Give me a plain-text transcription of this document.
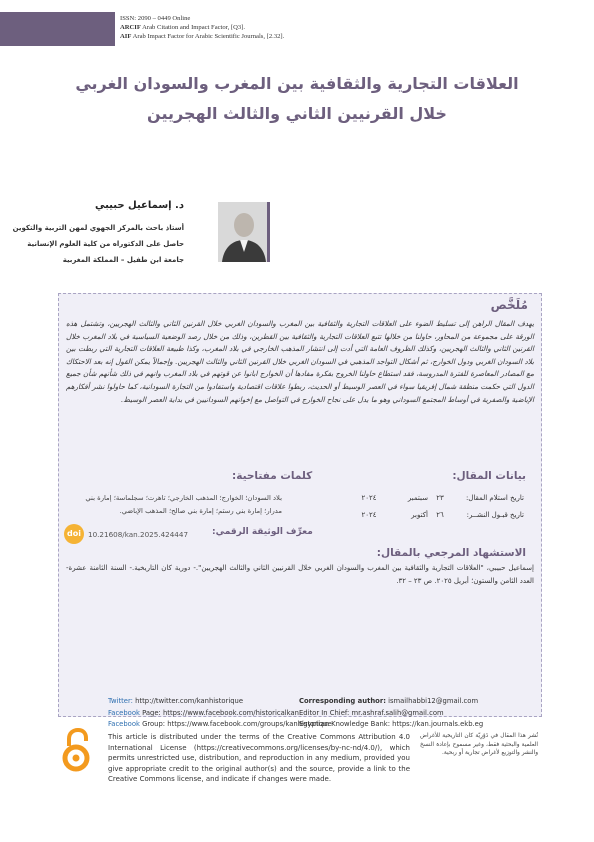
مقالات
ISSN: 2090 – 0449 Online
ARCIF Arab Citation and Impact Factor, [Q3].
AIF Arab Impact Factor for Arabic Scientific Journals, [2.32].
العلاقات التجارية والثقافية بين المغرب والسودان الغربي
خلال القرنيين الثاني والثالث الهجريين
د. إسماعيل حبيبي
أستاذ باحث بالمركز الجهوي لمهن التربية والتكوين
حاصل على الدكتوراه من كلية العلوم الإنسانية
جامعة ابن طفيل – المملكة المغربية
مُلَخَّص
يهدف المقال الراهن إلى تسليط الضوء على العلاقات التجارية والثقافية بين المغرب والسودان الغربي خلال القرنين الثاني والثالث الهجريين، وتشتمل هذه الورقة على مجموعة من المحاور، حاولنا من خلالها تتبع العلاقات التجارية والثقافية بين القطرين، وذلك من خلال رصد الوضعية السياسية في بلاد المغرب خلال القرنين الثاني والثالث الهجريين، وكذلك الظروف العامة التي أدت إلى انتشار المذهب الخارجي في بلاد المغرب، وكذا طبيعة العلاقات التجارية التي ربطت بين بلاد السودان الغربي ودول الخوارج، ثم أشكال التواجد المذهبي في السودان الغربي خلال القرنين الثاني والثالث الهجريين. وإجمالاً يمكن القول إنه بعد الاحتكاك مع المصادر المعاصرة للفترة المدروسة، فقد استطاع حاولنا الخروج بفكرة مفادها أن الخوارج ابانوا عن قوتهم في بلاد المغرب وانهم في ذلك شأنهم شأن جميع الدول التي حكمت منطقة شمال إفريقيا سواء في العصر الوسيط أو الحديث، ربطوا علاقات اقتصادية واستفادوا من التجارة السودانية، كما حاولوا نشر أفكارهم الإباضية والصفرية في أوساط المجتمع السوداني وهو ما يدل على نجاح الخوارج في التواصل مع إخوانهم السودانيين في بداية العصر الوسيط.
بيانات المقال:
تاريخ استلام المقال:
٢٣
سبتمبر
٢٠٢٤
تاريخ قبـول النشــر:
٢٦
أكتوبر
٢٠٢٤
كلمات مفتاحية:
بلاد السودان؛ الخوارج؛ المذهب الخارجي؛ تاهرت؛ سجلماسة؛ إمارة بني مدرار؛ إمارة بني رستم؛ إمارة بني صالح؛ المذهب الإباضي.
معرِّف الوثيقة الرقمي:
doi 10.21608/kan.2025.424447
الاستشهاد المرجعي بالمقال:
إسماعيل حبيبي، "العلاقات التجارية والثقافية بين المغرب والسودان الغربي خلال القرنيين الثاني والثالث الهجريين".- دورية كان التاريخية.- السنة الثامنة عشرة- العدد الثامن والستون؛ أبريل ٢٠٢٥. ص ٢٣ – ٣٢.
Twitter: http://twitter.com/kanhistorique
Facebook Page: https://www.facebook.com/historicalkan
Facebook Group: https://www.facebook.com/groups/kanhistorique
Corresponding author: ismailhabbi12@gmail.com
Editor In Chief: mr.ashraf.salih@gmail.com
Egyptian Knowledge Bank: https://kan.journals.ekb.eg
This article is distributed under the terms of the Creative Commons Attribution 4.0 International License (https://creativecommons.org/licenses/by-nc-nd/4.0/), which permits unrestricted use, distribution, and reproduction in any medium, provided you give appropriate credit to the original author(s) and the source, provide a link to the Creative Commons license, and indicate if changes were made.
نُشر هذا المقال في دَوْرِيّة كان التاريخية للأغراض العلمية والبحثية فقط، وغير مسموح بإعادة النسخ والنشر والتوزيع لأغراض تجارية أو ربحية.
